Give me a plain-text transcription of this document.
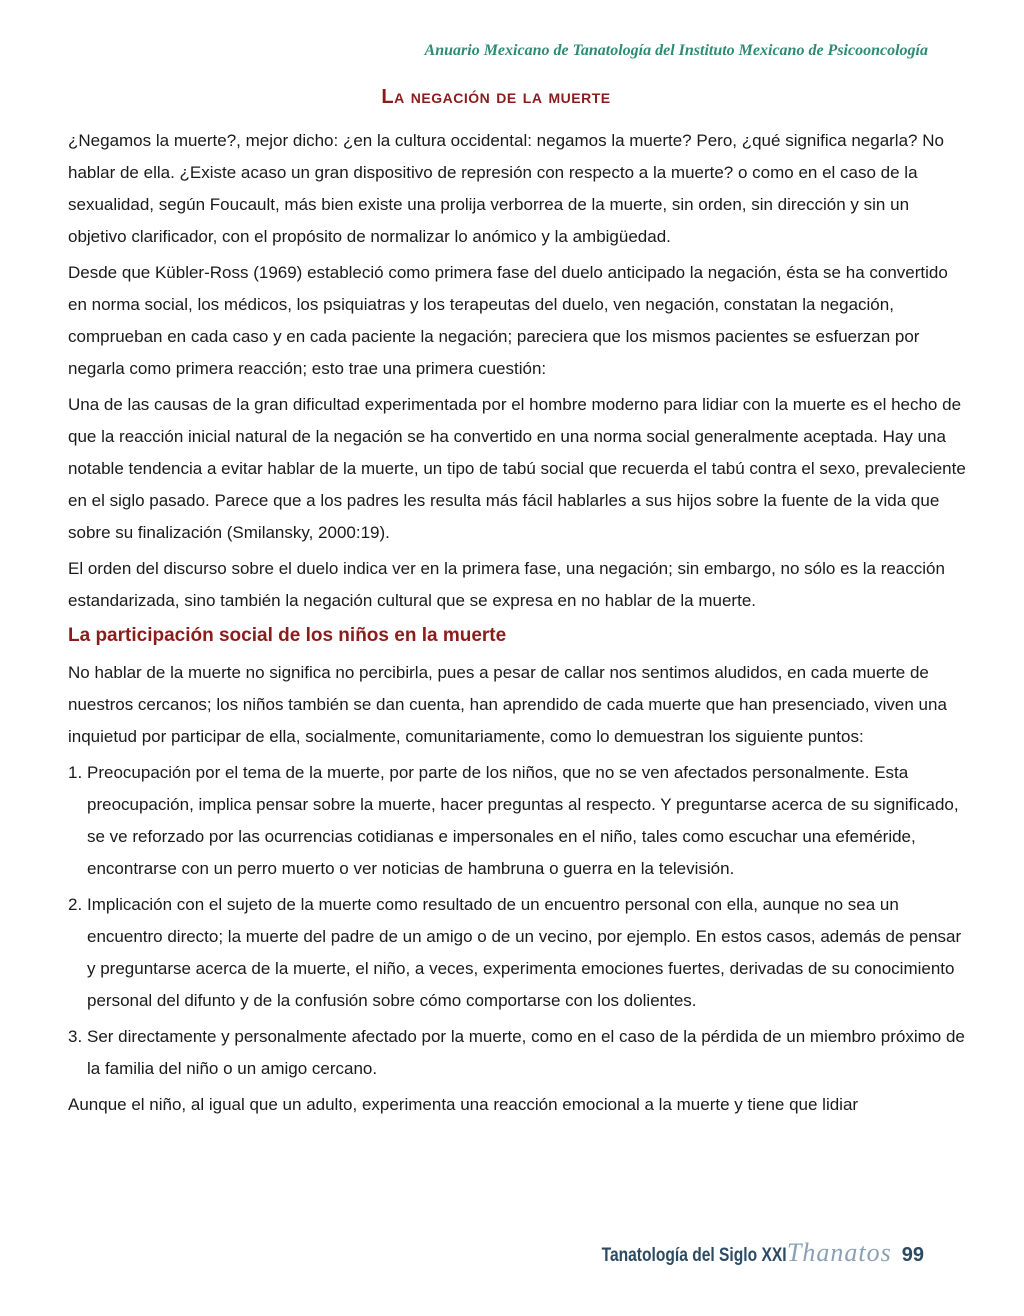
Anuario Mexicano de Tanatología del Instituto Mexicano de Psicooncología
La negación de la muerte

¿Negamos la muerte?, mejor dicho: ¿en la cultura occidental: negamos la muerte? Pero, ¿qué significa negarla? No hablar de ella. ¿Existe acaso un gran dispositivo de represión con respecto a la muerte? o como en el caso de la sexualidad, según Foucault, más bien existe una prolija verborrea de la muerte, sin orden, sin dirección y sin un objetivo clarificador, con el propósito de normalizar lo anómico y la ambigüedad.

Desde que Kübler-Ross (1969) estableció como primera fase del duelo anticipado la negación, ésta se ha convertido en norma social, los médicos, los psiquiatras y los terapeutas del duelo, ven negación, constatan la negación, comprueban en cada caso y en cada paciente la negación; pareciera que los mismos pacientes se esfuerzan por negarla como primera reacción; esto trae una primera cuestión:

Una de las causas de la gran dificultad experimentada por el hombre moderno para lidiar con la muerte es el hecho de que la reacción inicial natural de la negación se ha convertido en una norma social generalmente aceptada. Hay una notable tendencia a evitar hablar de la muerte, un tipo de tabú social que recuerda el tabú contra el sexo, prevaleciente en el siglo pasado. Parece que a los padres les resulta más fácil hablarles a sus hijos sobre la fuente de la vida que sobre su finalización (Smilansky, 2000:19).

El orden del discurso sobre el duelo indica ver en la primera fase, una negación; sin embargo, no sólo es la reacción estandarizada, sino también la negación cultural que se expresa en no hablar de la muerte.

La participación social de los niños en la muerte

No hablar de la muerte no significa no percibirla, pues a pesar de callar nos sentimos aludidos, en cada muerte de nuestros cercanos; los niños también se dan cuenta, han aprendido de cada muerte que han presenciado, viven una inquietud por participar de ella, socialmente, comunitariamente, como lo demuestran los siguiente puntos:

1. Preocupación por el tema de la muerte, por parte de los niños, que no se ven afectados personalmente. Esta preocupación, implica pensar sobre la muerte, hacer preguntas al respecto. Y preguntarse acerca de su significado, se ve reforzado por las ocurrencias cotidianas e impersonales en el niño, tales como escuchar una efeméride, encontrarse con un perro muerto o ver noticias de hambruna o guerra en la televisión.
2. Implicación con el sujeto de la muerte como resultado de un encuentro personal con ella, aunque no sea un encuentro directo; la muerte del padre de un amigo o de un vecino, por ejemplo. En estos casos, además de pensar y preguntarse acerca de la muerte, el niño, a veces, experimenta emociones fuertes, derivadas de su conocimiento personal del difunto y de la confusión sobre cómo comportarse con los dolientes.
3. Ser directamente y personalmente afectado por la muerte, como en el caso de la pérdida de un miembro próximo de la familia del niño o un amigo cercano.

Aunque el niño, al igual que un adulto, experimenta una reacción emocional a la muerte y tiene que lidiar

Tanatología del Siglo XXI Thanatos 99
